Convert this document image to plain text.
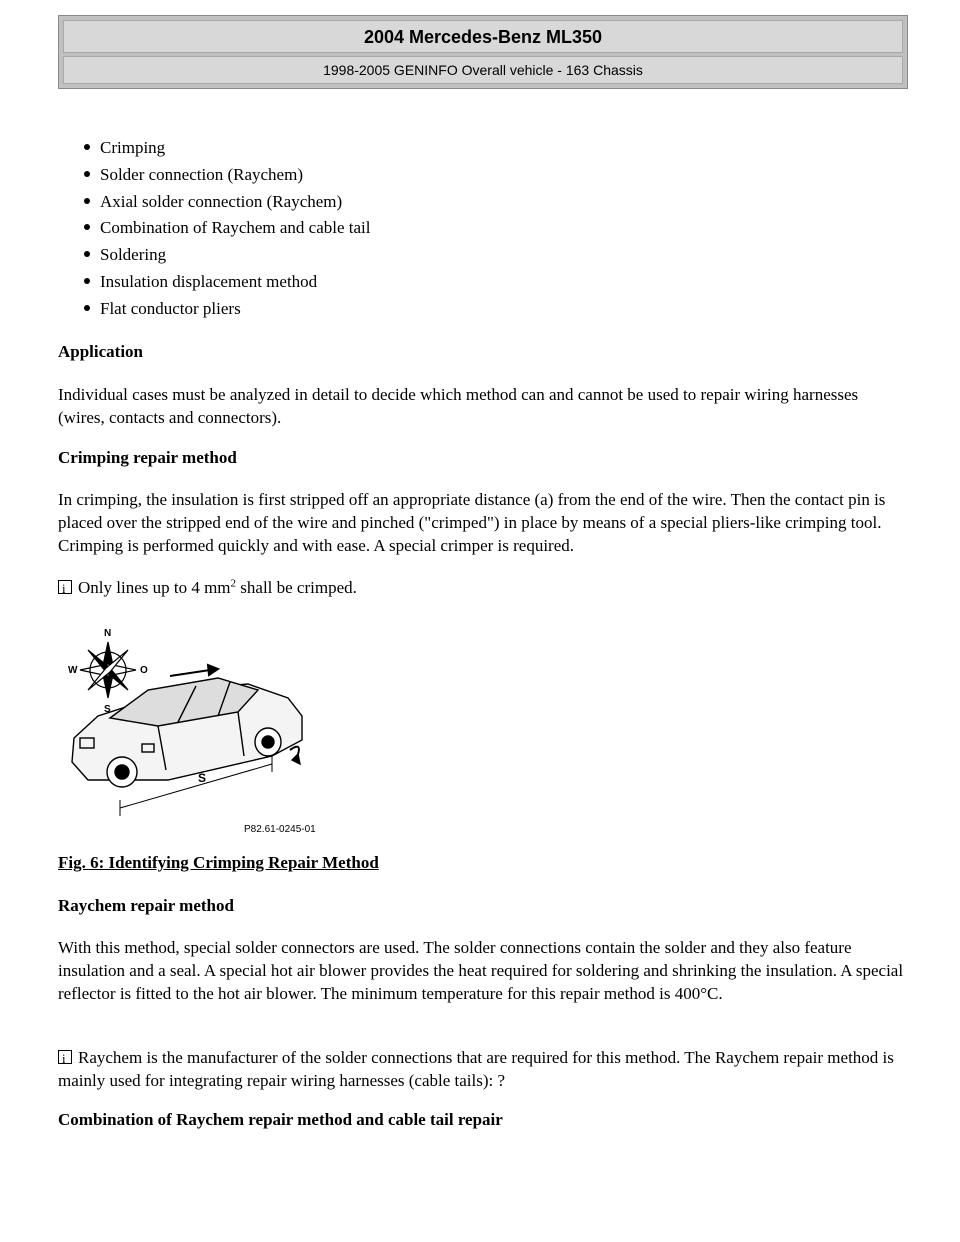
2004 Mercedes-Benz ML350
1998-2005 GENINFO Overall vehicle - 163 Chassis
Crimping
Solder connection (Raychem)
Axial solder connection (Raychem)
Combination of Raychem and cable tail
Soldering
Insulation displacement method
Flat conductor pliers
Application
Individual cases must be analyzed in detail to decide which method can and cannot be used to repair wiring harnesses (wires, contacts and connectors).
Crimping repair method
In crimping, the insulation is first stripped off an appropriate distance (a) from the end of the wire. Then the contact pin is placed over the stripped end of the wire and pinched ("crimped") in place by means of a special pliers-like crimping tool. Crimping is performed quickly and with ease. A special crimper is required.
iOnly lines up to 4 $mm^2$ shall be crimped.
Fig. 6: Identifying Crimping Repair Method
Raychem repair method
With this method, special solder connectors are used. The solder connections contain the solder and they also feature insulation and a seal. A special hot air blower provides the heat required for soldering and shrinking the insulation. A special reflector is fitted to the hot air blower. The minimum temperature for this repair method is 400°C.
iRaychem is the manufacturer of the solder connections that are required for this method. The Raychem repair method is mainly used for integrating repair wiring harnesses (cable tails): ?
Combination of Raychem repair method and cable tail repair
N
W	O
S
S
P82.61-0245-01
